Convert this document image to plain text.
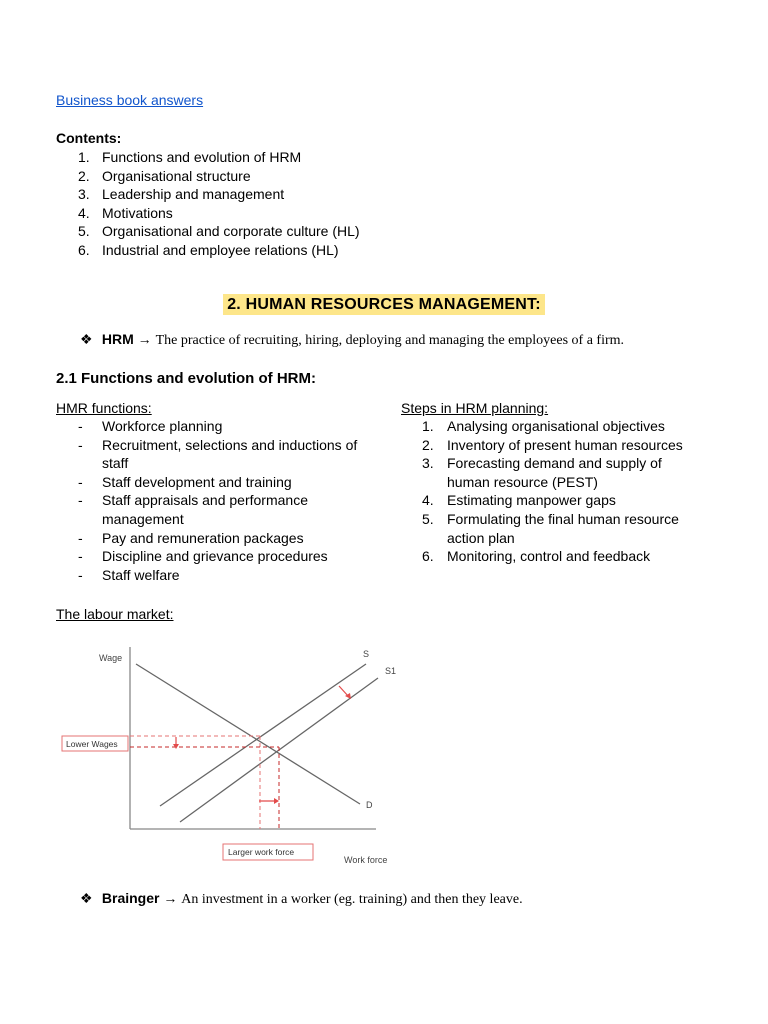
Business book answers
Contents:
1. Functions and evolution of HRM
2. Organisational structure
3. Leadership and management
4. Motivations
5. Organisational and corporate culture (HL)
6. Industrial and employee relations (HL)
2. HUMAN RESOURCES MANAGEMENT:
❖ HRM → The practice of recruiting, hiring, deploying and managing the employees of a firm.
2.1 Functions and evolution of HRM:
HMR functions:
- Workforce planning
- Recruitment, selections and inductions of staff
- Staff development and training
- Staff appraisals and performance management
- Pay and remuneration packages
- Discipline and grievance procedures
- Staff welfare
Steps in HRM planning:
1. Analysing organisational objectives
2. Inventory of present human resources
3. Forecasting demand and supply of human resource (PEST)
4. Estimating manpower gaps
5. Formulating the final human resource action plan
6. Monitoring, control and feedback
The labour market:
Wage
Work force
S
S1
D
Lower Wages
Larger work force
❖ Brainger → An investment in a worker (eg. training) and then they leave.
